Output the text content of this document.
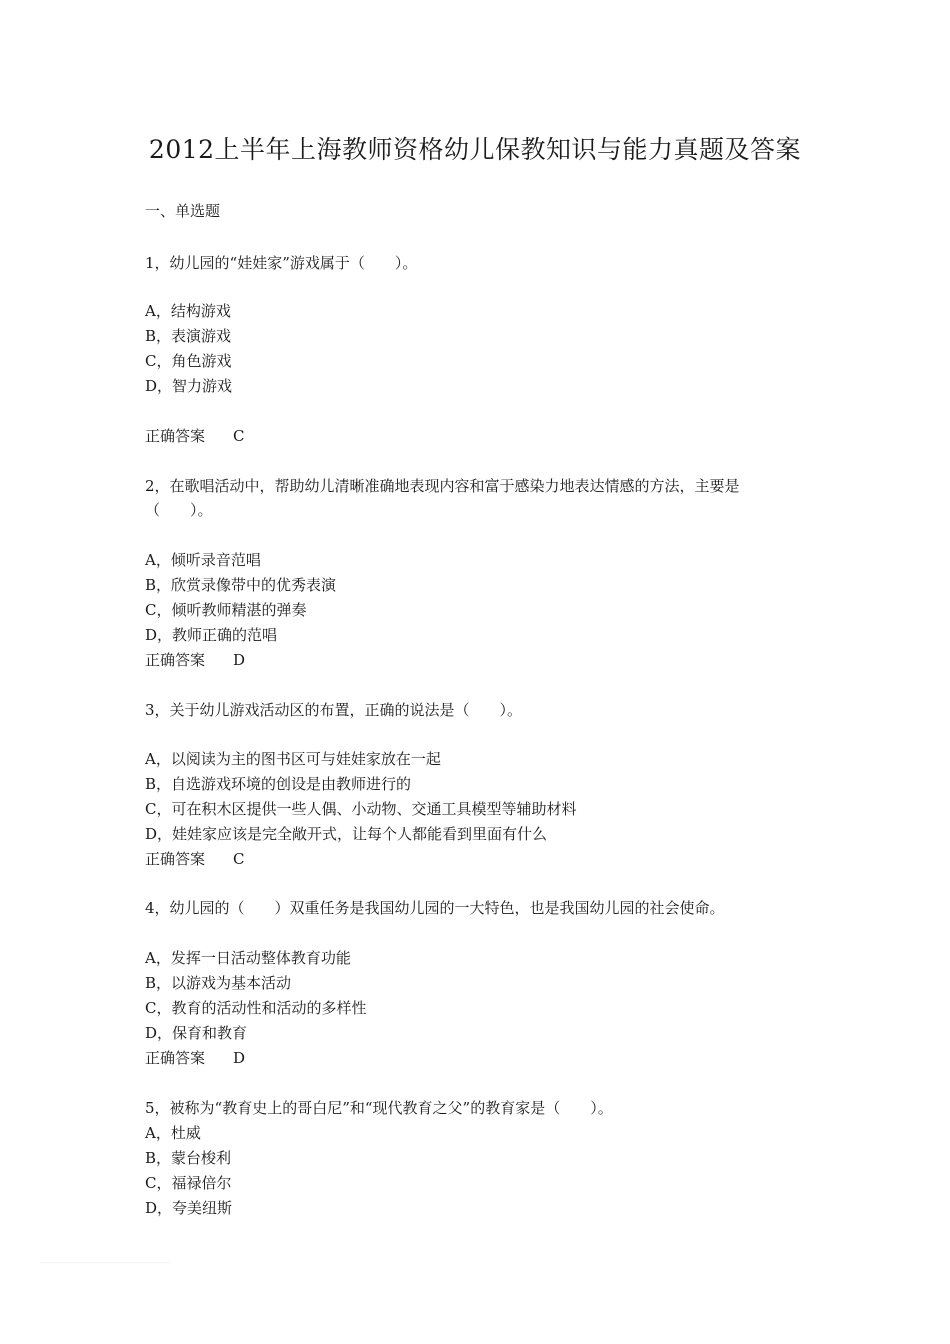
2012上半年上海教师资格幼儿保教知识与能力真题及答案

一、单选题

1，幼儿园的“娃娃家”游戏属于（　　）。

A，结构游戏

B，表演游戏

C，角色游戏

D，智力游戏

正确答案 C

2，在歌唱活动中，帮助幼儿清晰准确地表现内容和富于感染力地表达情感的方法，主要是

（　　）。

A，倾听录音范唱

B，欣赏录像带中的优秀表演

C，倾听教师精湛的弹奏

D，教师正确的范唱

正确答案 D

3，关于幼儿游戏活动区的布置，正确的说法是（　　）。

A，以阅读为主的图书区可与娃娃家放在一起

B，自选游戏环境的创设是由教师进行的

C，可在积木区提供一些人偶、小动物、交通工具模型等辅助材料

D，娃娃家应该是完全敞开式，让每个人都能看到里面有什么

正确答案 C

4，幼儿园的（　　）双重任务是我国幼儿园的一大特色，也是我国幼儿园的社会使命。

A，发挥一日活动整体教育功能

B，以游戏为基本活动

C，教育的活动性和活动的多样性

D，保育和教育

正确答案 D

5，被称为“教育史上的哥白尼”和“现代教育之父”的教育家是（　　）。

A，杜威

B，蒙台梭利

C，福禄倍尔

D，夸美纽斯
